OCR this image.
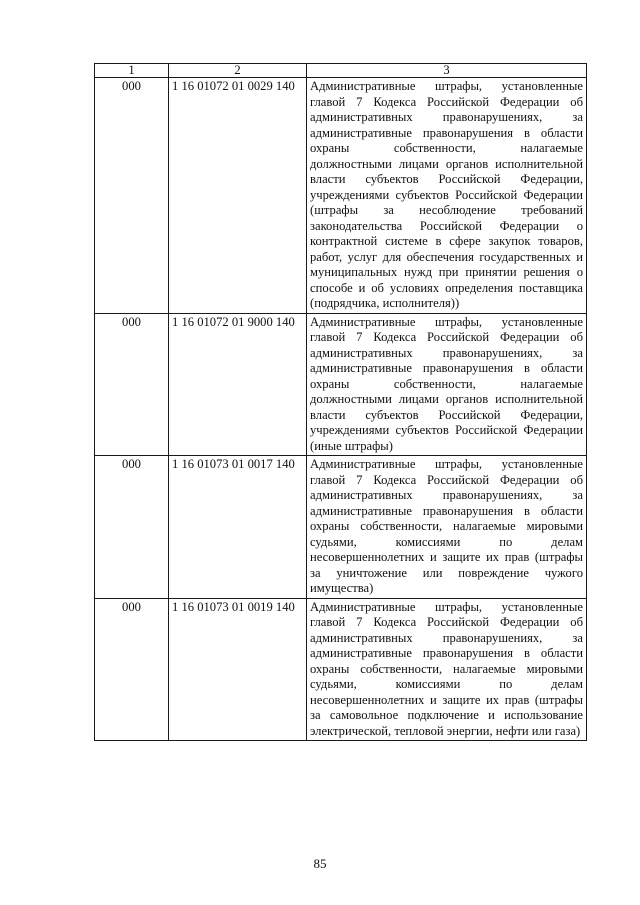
1	2	3
000	1 16 01072 01 0029 140	Административные штрафы, установленные главой 7 Кодекса Российской Федерации об административных правонарушениях, за административные правонарушения в области охраны собственности, налагаемые должностными лицами органов исполнительной власти субъектов Российской Федерации, учреждениями субъектов Российской Федерации (штрафы за несоблюдение требований законодательства Российской Федерации о контрактной системе в сфере закупок товаров, работ, услуг для обеспечения государственных и муниципальных нужд при принятии решения о способе и об условиях определения поставщика (подрядчика, исполнителя))
000	1 16 01072 01 9000 140	Административные штрафы, установленные главой 7 Кодекса Российской Федерации об административных правонарушениях, за административные правонарушения в области охраны собственности, налагаемые должностными лицами органов исполнительной власти субъектов Российской Федерации, учреждениями субъектов Российской Федерации (иные штрафы)
000	1 16 01073 01 0017 140	Административные штрафы, установленные главой 7 Кодекса Российской Федерации об административных правонарушениях, за административные правонарушения в области охраны собственности, налагаемые мировыми судьями, комиссиями по делам несовершеннолетних и защите их прав (штрафы за уничтожение или повреждение чужого имущества)
000	1 16 01073 01 0019 140	Административные штрафы, установленные главой 7 Кодекса Российской Федерации об административных правонарушениях, за административные правонарушения в области охраны собственности, налагаемые мировыми судьями, комиссиями по делам несовершеннолетних и защите их прав (штрафы за самовольное подключение и использование электрической, тепловой энергии, нефти или газа)
85
